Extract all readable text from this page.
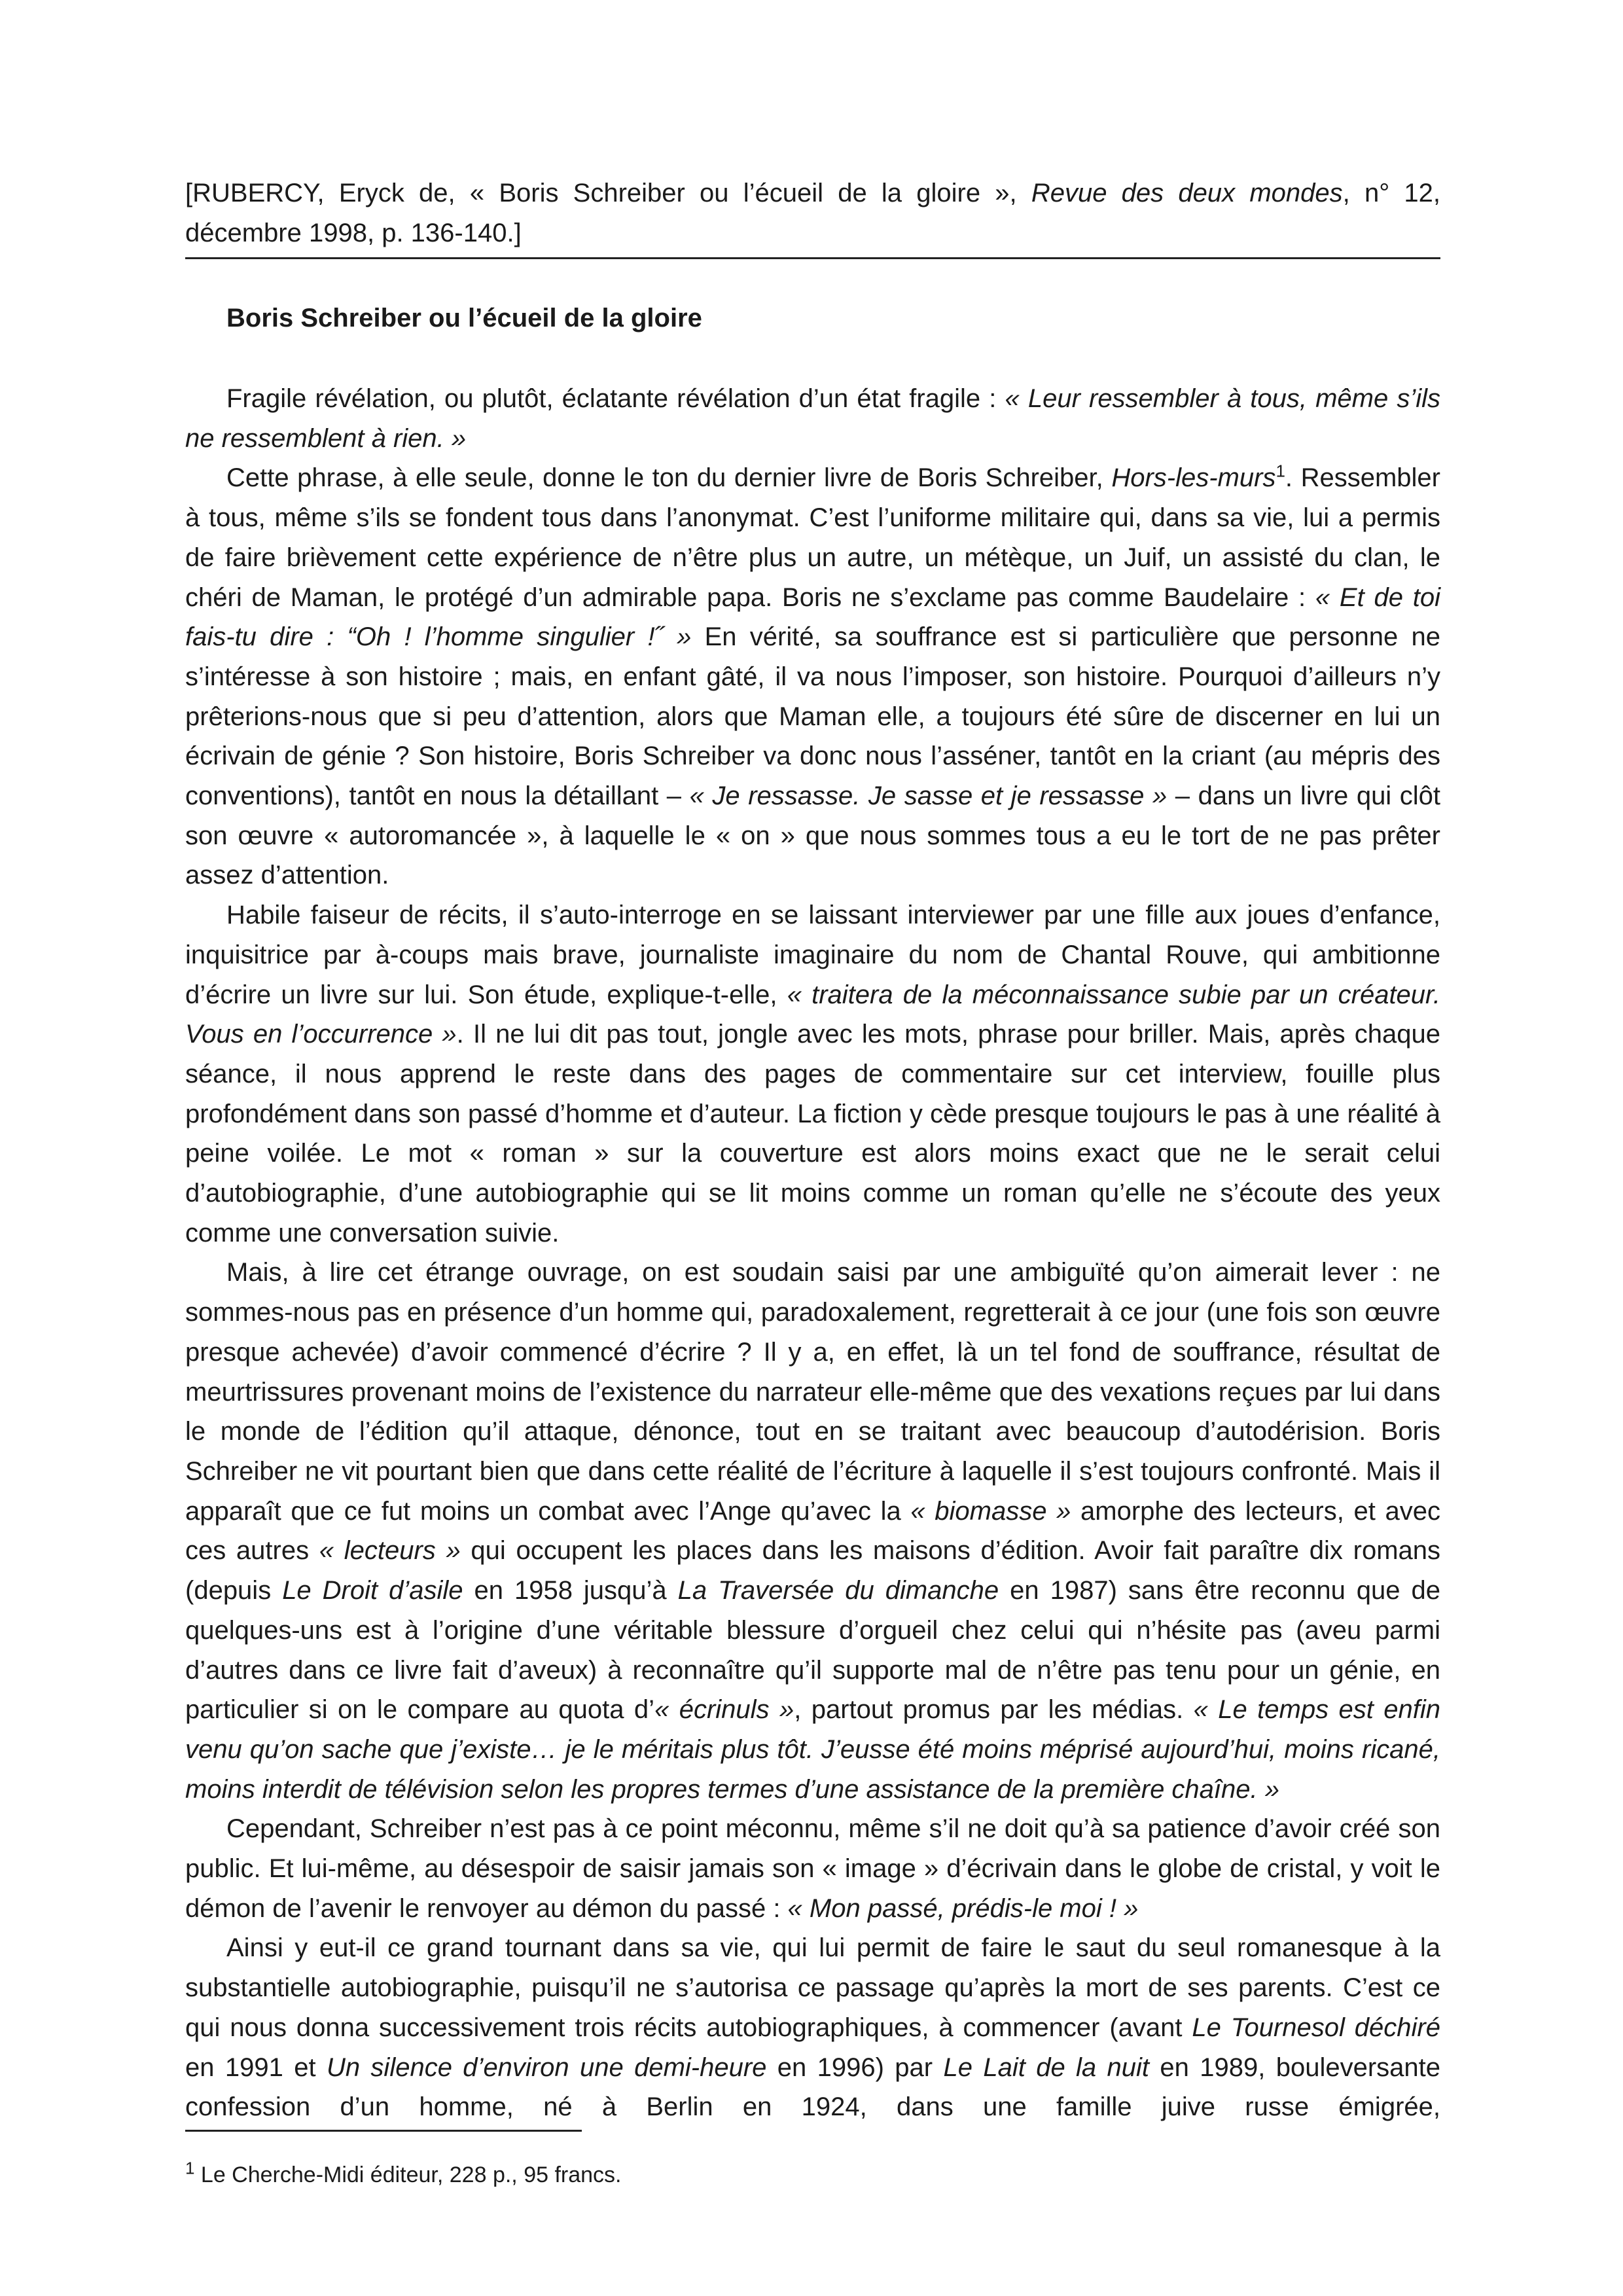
[RUBERCY, Eryck de, « Boris Schreiber ou l’écueil de la gloire », Revue des deux mondes, n° 12, décembre 1998, p. 136-140.]
Boris Schreiber ou l’écueil de la gloire

Fragile révélation, ou plutôt, éclatante révélation d’un état fragile : « Leur ressembler à tous, même s’ils ne ressemblent à rien. »

Cette phrase, à elle seule, donne le ton du dernier livre de Boris Schreiber, Hors-les-murs$^1$. Ressembler à tous, même s’ils se fondent tous dans l’anonymat. C’est l’uniforme militaire qui, dans sa vie, lui a permis de faire brièvement cette expérience de n’être plus un autre, un métèque, un Juif, un assisté du clan, le chéri de Maman, le protégé d’un admirable papa. Boris ne s’exclame pas comme Baudelaire : « Et de toi fais-tu dire : “Oh ! l’homme singulier !˝ » En vérité, sa souffrance est si particulière que personne ne s’intéresse à son histoire ; mais, en enfant gâté, il va nous l’imposer, son histoire. Pourquoi d’ailleurs n’y prêterions-nous que si peu d’attention, alors que Maman elle, a toujours été sûre de discerner en lui un écrivain de génie ? Son histoire, Boris Schreiber va donc nous l’asséner, tantôt en la criant (au mépris des conventions), tantôt en nous la détaillant – « Je ressasse. Je sasse et je ressasse » – dans un livre qui clôt son œuvre « autoromancée », à laquelle le « on » que nous sommes tous a eu le tort de ne pas prêter assez d’attention.

Habile faiseur de récits, il s’auto-interroge en se laissant interviewer par une fille aux joues d’enfance, inquisitrice par à-coups mais brave, journaliste imaginaire du nom de Chantal Rouve, qui ambitionne d’écrire un livre sur lui. Son étude, explique-t-elle, « traitera de la méconnaissance subie par un créateur. Vous en l’occurrence ». Il ne lui dit pas tout, jongle avec les mots, phrase pour briller. Mais, après chaque séance, il nous apprend le reste dans des pages de commentaire sur cet interview, fouille plus profondément dans son passé d’homme et d’auteur. La fiction y cède presque toujours le pas à une réalité à peine voilée. Le mot « roman » sur la couverture est alors moins exact que ne le serait celui d’autobiographie, d’une autobiographie qui se lit moins comme un roman qu’elle ne s’écoute des yeux comme une conversation suivie.

Mais, à lire cet étrange ouvrage, on est soudain saisi par une ambiguïté qu’on aimerait lever : ne sommes-nous pas en présence d’un homme qui, paradoxalement, regretterait à ce jour (une fois son œuvre presque achevée) d’avoir commencé d’écrire ? Il y a, en effet, là un tel fond de souffrance, résultat de meurtrissures provenant moins de l’existence du narrateur elle-même que des vexations reçues par lui dans le monde de l’édition qu’il attaque, dénonce, tout en se traitant avec beaucoup d’autodérision. Boris Schreiber ne vit pourtant bien que dans cette réalité de l’écriture à laquelle il s’est toujours confronté. Mais il apparaît que ce fut moins un combat avec l’Ange qu’avec la « biomasse » amorphe des lecteurs, et avec ces autres « lecteurs » qui occupent les places dans les maisons d’édition. Avoir fait paraître dix romans (depuis Le Droit d’asile en 1958 jusqu’à La Traversée du dimanche en 1987) sans être reconnu que de quelques-uns est à l’origine d’une véritable blessure d’orgueil chez celui qui n’hésite pas (aveu parmi d’autres dans ce livre fait d’aveux) à reconnaître qu’il supporte mal de n’être pas tenu pour un génie, en particulier si on le compare au quota d’« écrinuls », partout promus par les médias. « Le temps est enfin venu qu’on sache que j’existe… je le méritais plus tôt. J’eusse été moins méprisé aujourd’hui, moins ricané, moins interdit de télévision selon les propres termes d’une assistance de la première chaîne. »

Cependant, Schreiber n’est pas à ce point méconnu, même s’il ne doit qu’à sa patience d’avoir créé son public. Et lui-même, au désespoir de saisir jamais son « image » d’écrivain dans le globe de cristal, y voit le démon de l’avenir le renvoyer au démon du passé : « Mon passé, prédis-le moi ! »

Ainsi y eut-il ce grand tournant dans sa vie, qui lui permit de faire le saut du seul romanesque à la substantielle autobiographie, puisqu’il ne s’autorisa ce passage qu’après la mort de ses parents. C’est ce qui nous donna successivement trois récits autobiographiques, à commencer (avant Le Tournesol déchiré en 1991 et Un silence d’environ une demi-heure en 1996) par Le Lait de la nuit en 1989, bouleversante confession d’un homme, né à Berlin en 1924, dans une famille juive russe émigrée,

$^1$ Le Cherche-Midi éditeur, 228 p., 95 francs.
